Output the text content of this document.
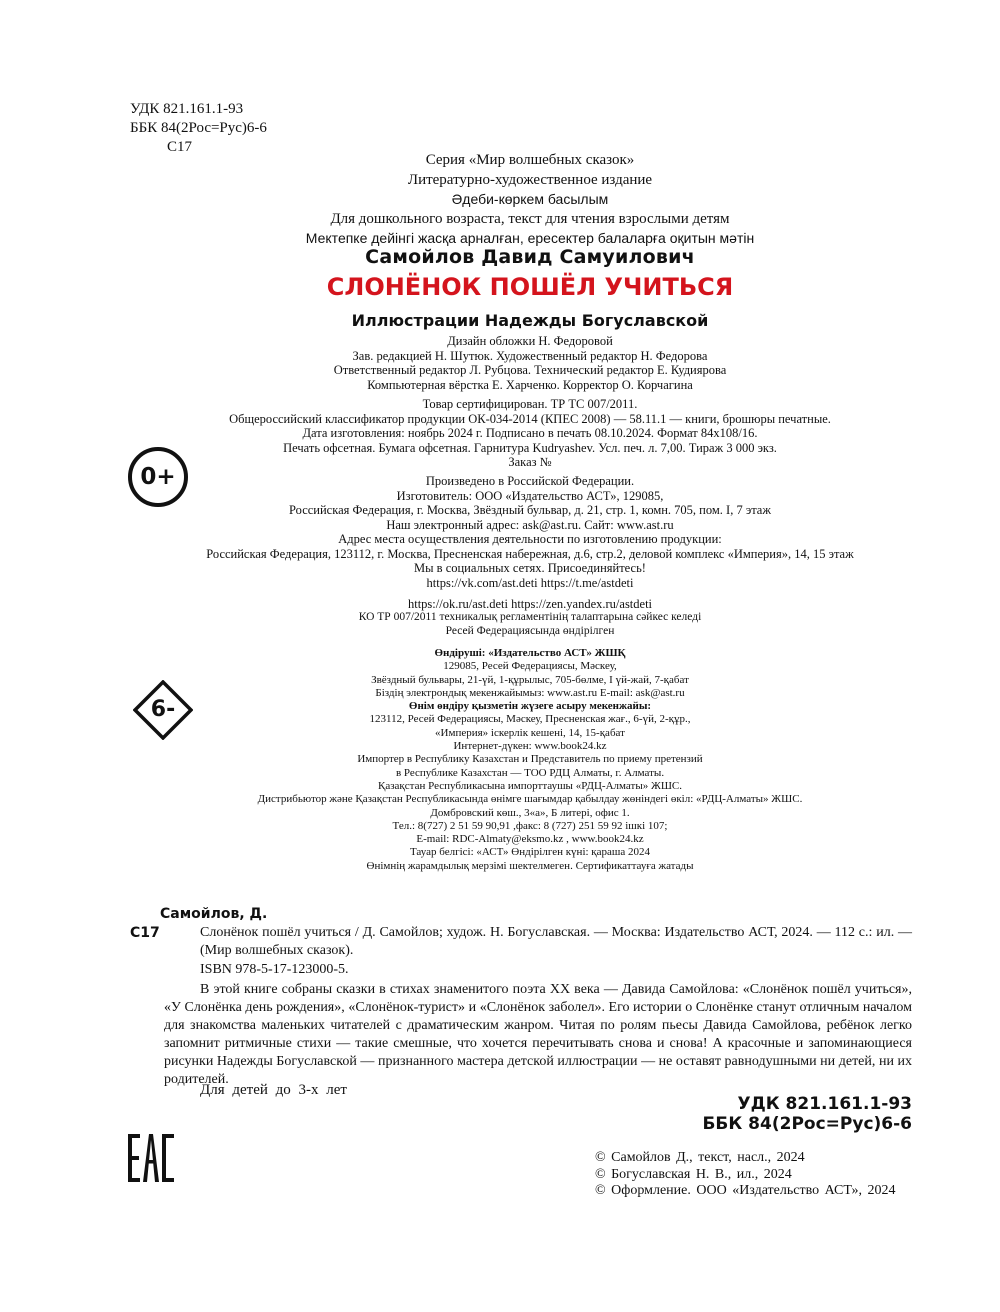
УДК 821.161.1-93
ББК 84(2Рос=Рус)6-6
С17
Серия «Мир волшебных сказок»
Литературно-художественное издание
Әдеби-көркем басылым
Для дошкольного возраста, текст для чтения взрослыми детям
Мектепке дейінгі жасқа арналған, ересектер балаларға оқитын мәтін
Самойлов Давид Самуилович
СЛОНЁНОК ПОШЁЛ УЧИТЬСЯ
Иллюстрации Надежды Богуславской
Дизайн обложки Н. Федоровой
Зав. редакцией Н. Шутюк. Художественный редактор Н. Федорова
Ответственный редактор Л. Рубцова. Технический редактор Е. Кудиярова
Компьютерная вёрстка Е. Харченко. Корректор О. Корчагина
Товар сертифицирован. ТР ТС 007/2011.
Общероссийский классификатор продукции ОК-034-2014 (КПЕС 2008) — 58.11.1 — книги, брошюры печатные.
Дата изготовления: ноябрь 2024 г. Подписано в печать 08.10.2024. Формат 84х108/16.
Печать офсетная. Бумага офсетная. Гарнитура Kudryashev. Усл. печ. л. 7,00. Тираж 3 000 экз.
Заказ №
0+	Произведено в Российской Федерации.
Изготовитель: ООО «Издательство АСТ», 129085,
Российская Федерация, г. Москва, Звёздный бульвар, д. 21, стр. 1, комн. 705, пом. I, 7 этаж
Наш электронный адрес: ask@ast.ru. Сайт: www.ast.ru
Адрес места осуществления деятельности по изготовлению продукции:
Российская Федерация, 123112, г. Москва, Пресненская набережная, д.6, стр.2, деловой комплекс «Империя», 14, 15 этаж
Мы в социальных сетях. Присоединяйтесь!
https://vk.com/ast.deti https://t.me/astdeti
https://ok.ru/ast.deti https://zen.yandex.ru/astdeti
КО ТР 007/2011 техникалық регламентінің талаптарына сәйкес келеді
Ресей Федерациясында өндірілген
6-
Өндіруші: «Издательство АСТ» ЖШҚ
129085, Ресей Федерациясы, Мәскеу,
Звёздный бульвары, 21-үй, 1-құрылыс, 705-бөлме, I үй-жай, 7-қабат
Біздің электрондық мекенжайымыз: www.ast.ru E-mail: ask@ast.ru
Өнім өндіру қызметін жүзеге асыру мекенжайы:
123112, Ресей Федерациясы, Мәскеу, Пресненская жағ., 6-үй, 2-құр.,
«Империя» іскерлік кешені, 14, 15-қабат
Интернет-дүкен: www.book24.kz
Импортер в Республику Казахстан и Представитель по приему претензий
в Республике Казахстан — ТОО РДЦ Алматы, г. Алматы.
Қазақстан Республикасына импорттаушы «РДЦ-Алматы» ЖШС.
Дистрибьютор және Қазақстан Республикасында өнімге шағымдар қабылдау жөніндегі өкіл: «РДЦ-Алматы» ЖШС.
Домбровский көш., 3«а», Б литері, офис 1.
Тел.: 8(727) 2 51 59 90,91 ,факс: 8 (727) 251 59 92 ішкі 107;
E-mail: RDC-Almaty@eksmo.kz , www.book24.kz
Тауар белгісі: «АСТ» Өндірілген күні: қараша 2024
Өнімнің жарамдылық мерзімі шектелмеген. Сертификаттауға жатады
Самойлов, Д.
С17	Слонёнок пошёл учиться / Д. Самойлов; худож. Н. Богуславская. — Москва: Издательство АСТ, 2024. — 112 с.: ил. — (Мир волшебных сказок).
ISBN 978-5-17-123000-5.
В этой книге собраны сказки в стихах знаменитого поэта XX века — Давида Самойлова: «Слонёнок пошёл учиться», «У Слонёнка день рождения», «Слонёнок-турист» и «Слонёнок заболел». Его истории о Слонёнке станут отличным началом для знакомства маленьких читателей с драматическим жанром. Читая по ролям пьесы Давида Самойлова, ребёнок легко запомнит ритмичные стихи — такие смешные, что хочется перечитывать снова и снова! А красочные и запоминающиеся рисунки Надежды Богуславской — признанного мастера детской иллюстрации — не оставят равнодушными ни детей, ни их родителей.
Для детей до 3-х лет
УДК 821.161.1-93
ББК 84(2Рос=Рус)6-6
© Самойлов Д., текст, насл., 2024
© Богуславская Н. В., ил., 2024
© Оформление. ООО «Издательство АСТ», 2024
